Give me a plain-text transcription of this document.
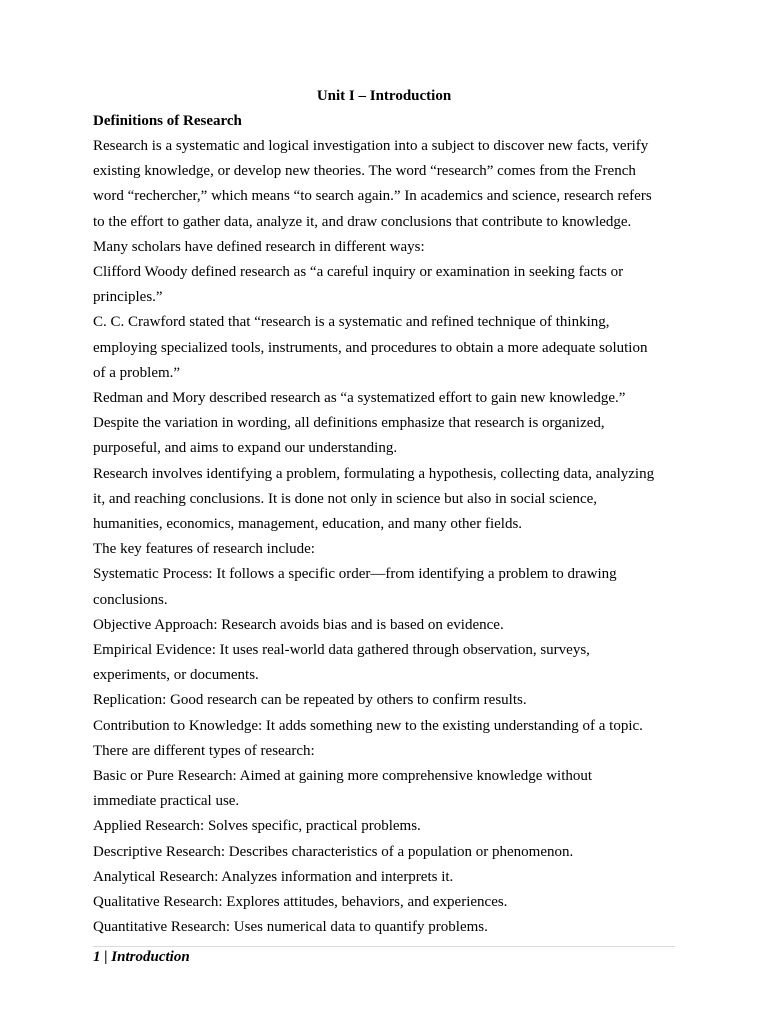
Unit I – Introduction
Definitions of Research
Research is a systematic and logical investigation into a subject to discover new facts, verify
existing knowledge, or develop new theories. The word “research” comes from the French
word “rechercher,” which means “to search again.” In academics and science, research refers
to the effort to gather data, analyze it, and draw conclusions that contribute to knowledge.
Many scholars have defined research in different ways:
Clifford Woody defined research as “a careful inquiry or examination in seeking facts or
principles.”
C. C. Crawford stated that “research is a systematic and refined technique of thinking,
employing specialized tools, instruments, and procedures to obtain a more adequate solution
of a problem.”
Redman and Mory described research as “a systematized effort to gain new knowledge.”
Despite the variation in wording, all definitions emphasize that research is organized,
purposeful, and aims to expand our understanding.
Research involves identifying a problem, formulating a hypothesis, collecting data, analyzing
it, and reaching conclusions. It is done not only in science but also in social science,
humanities, economics, management, education, and many other fields.
The key features of research include:
Systematic Process: It follows a specific order—from identifying a problem to drawing
conclusions.
Objective Approach: Research avoids bias and is based on evidence.
Empirical Evidence: It uses real-world data gathered through observation, surveys,
experiments, or documents.
Replication: Good research can be repeated by others to confirm results.
Contribution to Knowledge: It adds something new to the existing understanding of a topic.
There are different types of research:
Basic or Pure Research: Aimed at gaining more comprehensive knowledge without
immediate practical use.
Applied Research: Solves specific, practical problems.
Descriptive Research: Describes characteristics of a population or phenomenon.
Analytical Research: Analyzes information and interprets it.
Qualitative Research: Explores attitudes, behaviors, and experiences.
Quantitative Research: Uses numerical data to quantify problems.
1 | Introduction
